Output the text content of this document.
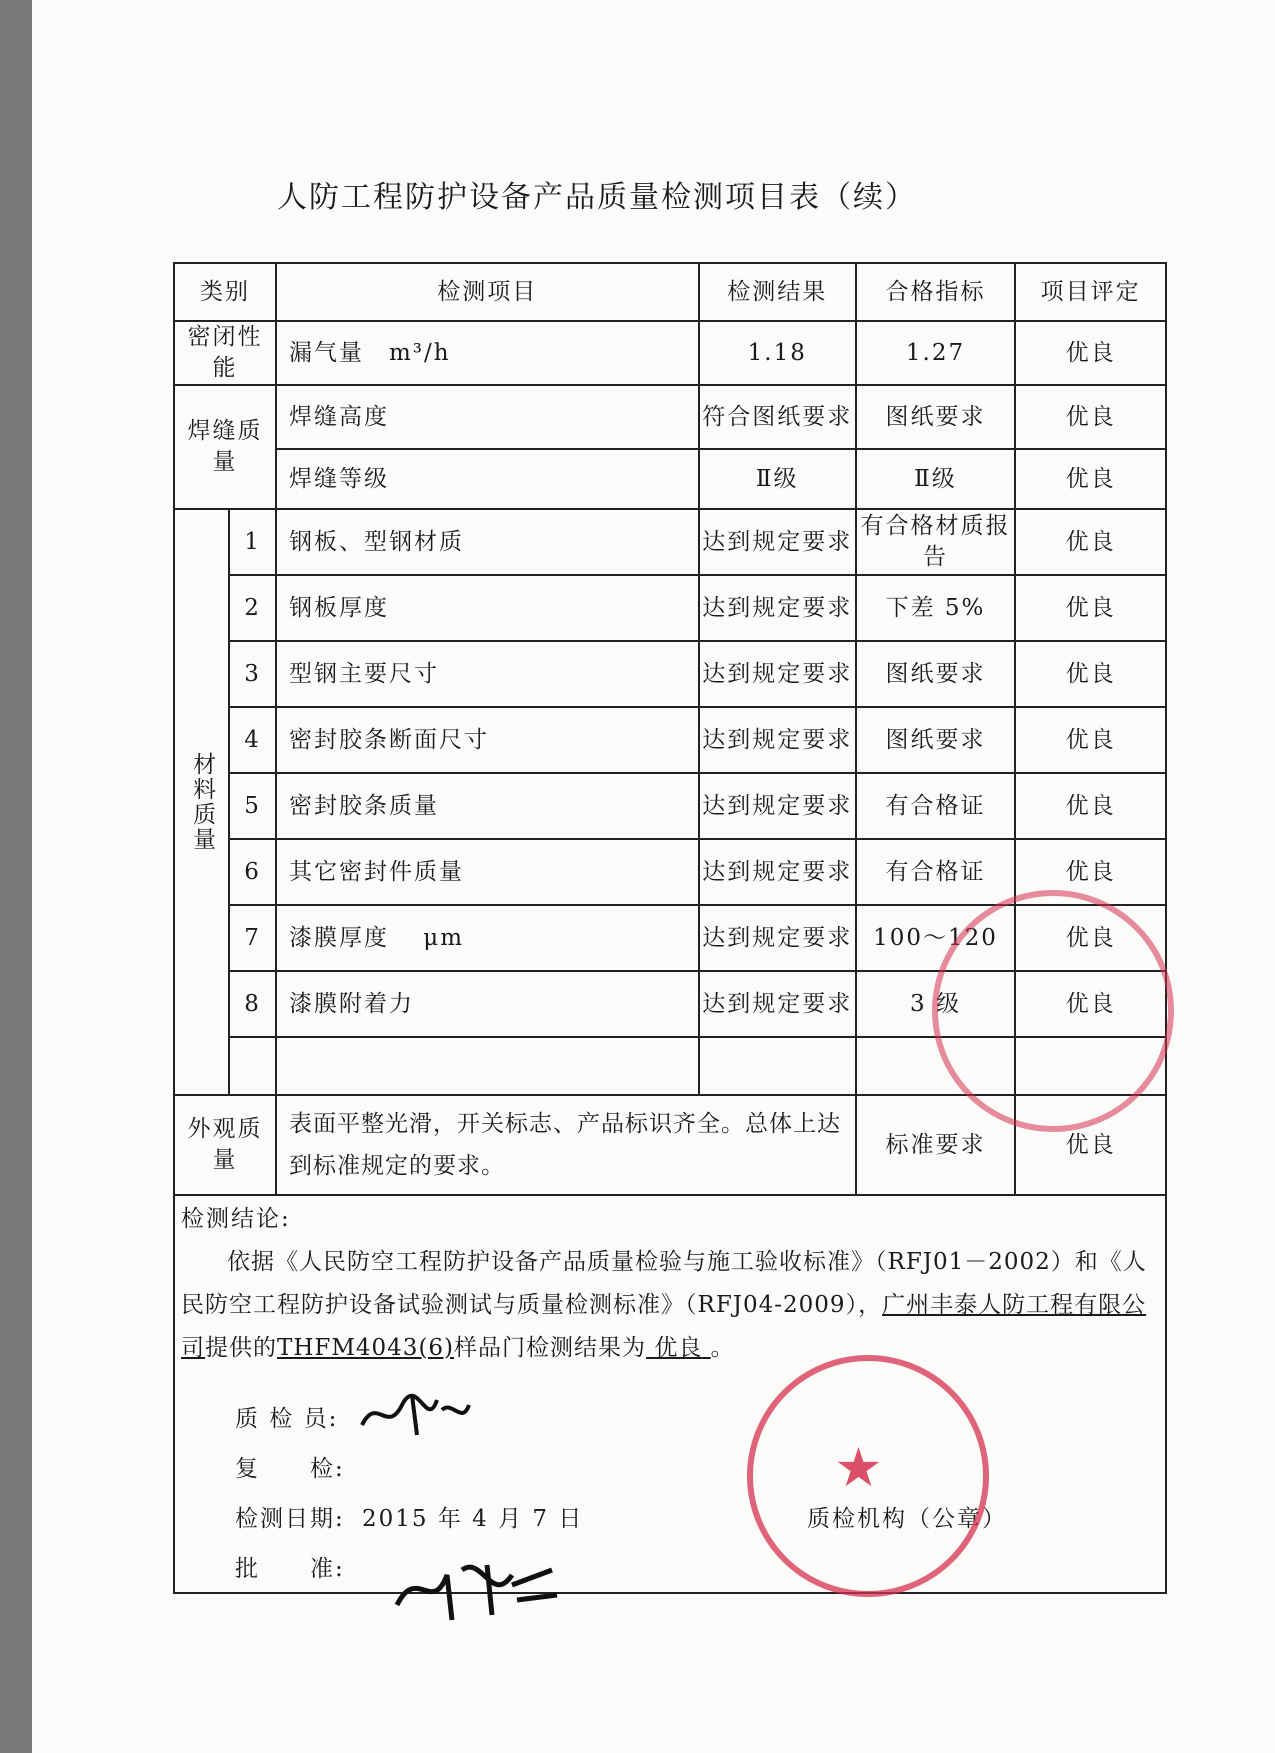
人防工程防护设备产品质量检测项目表（续）
类别		检测项目	检测结果	合格指标	项目评定
密闭性能		漏气量　m³/h	1.18	1.27	优良
焊缝质量		焊缝高度	符合图纸要求	图纸要求	优良
		焊缝等级	Ⅱ级	Ⅱ级	优良
材料质量	1	钢板、型钢材质	达到规定要求	有合格材质报告	优良
	2	钢板厚度	达到规定要求	下差 5%	优良
	3	型钢主要尺寸	达到规定要求	图纸要求	优良
	4	密封胶条断面尺寸	达到规定要求	图纸要求	优良
	5	密封胶条质量	达到规定要求	有合格证	优良
	6	其它密封件质量	达到规定要求	有合格证	优良
	7	漆膜厚度　 μm	达到规定要求	100～120	优良
	8	漆膜附着力	达到规定要求	3 级	优良

外观质量		表面平整光滑，开关标志、产品标识齐全。总体上达到标准规定的要求。		标准要求	优良

检测结论:
依据《人民防空工程防护设备产品质量检验与施工验收标准》（RFJ01－2002）和《人民防空工程防护设备试验测试与质量检测标准》（RFJ04-2009），广州丰泰人防工程有限公司提供的THFM4043(6)样品门检测结果为 优良 。					
质 检 员:
复　　检:
检测日期: 2015 年 4 月 7 日
批　　准:
质检机构（公章）
★
